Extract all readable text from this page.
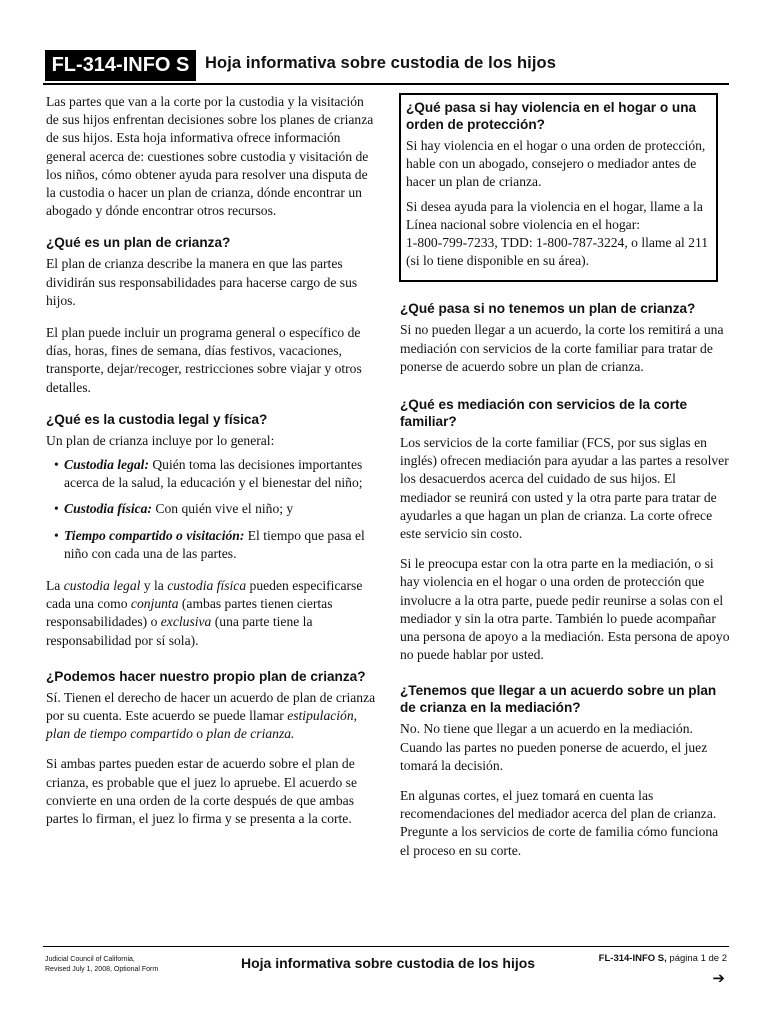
FL-314-INFO S Hoja informativa sobre custodia de los hijos

Las partes que van a la corte por la custodia y la visitación de sus hijos enfrentan decisiones sobre los planes de crianza de sus hijos. Esta hoja informativa ofrece información general acerca de: cuestiones sobre custodia y visitación de los niños, cómo obtener ayuda para resolver una disputa de la custodia o hacer un plan de crianza, dónde encontrar un abogado y dónde encontrar otros recursos.

¿Qué es un plan de crianza?

El plan de crianza describe la manera en que las partes dividirán sus responsabilidades para hacerse cargo de sus hijos.

El plan puede incluir un programa general o específico de días, horas, fines de semana, días festivos, vacaciones, transporte, dejar/recoger, restricciones sobre viajar y otros detalles.

¿Qué es la custodia legal y física?

Un plan de crianza incluye por lo general:

• Custodia legal: Quién toma las decisiones importantes acerca de la salud, la educación y el bienestar del niño;
• Custodia física: Con quién vive el niño; y
• Tiempo compartido o visitación: El tiempo que pasa el niño con cada una de las partes.

La custodia legal y la custodia física pueden especificarse cada una como conjunta (ambas partes tienen ciertas responsabilidades) o exclusiva (una parte tiene la responsabilidad por sí sola).

¿Podemos hacer nuestro propio plan de crianza?

Sí. Tienen el derecho de hacer un acuerdo de plan de crianza por su cuenta. Este acuerdo se puede llamar estipulación, plan de tiempo compartido o plan de crianza.

Si ambas partes pueden estar de acuerdo sobre el plan de crianza, es probable que el juez lo apruebe. El acuerdo se convierte en una orden de la corte después de que ambas partes lo firman, el juez lo firma y se presenta a la corte.

¿Qué pasa si hay violencia en el hogar o una orden de protección?

Si hay violencia en el hogar o una orden de protección, hable con un abogado, consejero o mediador antes de hacer un plan de crianza.

Si desea ayuda para la violencia en el hogar, llame a la Línea nacional sobre violencia en el hogar:

1-800-799-7233, TDD: 1-800-787-3224, o llame al 211 (si lo tiene disponible en su área).

¿Qué pasa si no tenemos un plan de crianza?

Si no pueden llegar a un acuerdo, la corte los remitirá a una mediación con servicios de la corte familiar para tratar de ponerse de acuerdo sobre un plan de crianza.

¿Qué es mediación con servicios de la corte familiar?

Los servicios de la corte familiar (FCS, por sus siglas en inglés) ofrecen mediación para ayudar a las partes a resolver los desacuerdos acerca del cuidado de sus hijos. El mediador se reunirá con usted y la otra parte para tratar de ayudarles a que hagan un plan de crianza. La corte ofrece este servicio sin costo.

Si le preocupa estar con la otra parte en la mediación, o si hay violencia en el hogar o una orden de protección que involucre a la otra parte, puede pedir reunirse a solas con el mediador y sin la otra parte. También lo puede acompañar una persona de apoyo a la mediación. Esta persona de apoyo no puede hablar por usted.

¿Tenemos que llegar a un acuerdo sobre un plan de crianza en la mediación?

No. No tiene que llegar a un acuerdo en la mediación. Cuando las partes no pueden ponerse de acuerdo, el juez tomará la decisión.

En algunas cortes, el juez tomará en cuenta las recomendaciones del mediador acerca del plan de crianza. Pregunte a los servicios de corte de familia cómo funciona el proceso en su corte.

Judicial Council of California,
Revised July 1, 2008, Optional Form	Hoja informativa sobre custodia de los hijos	FL-314-INFO S, página 1 de 2
➔
